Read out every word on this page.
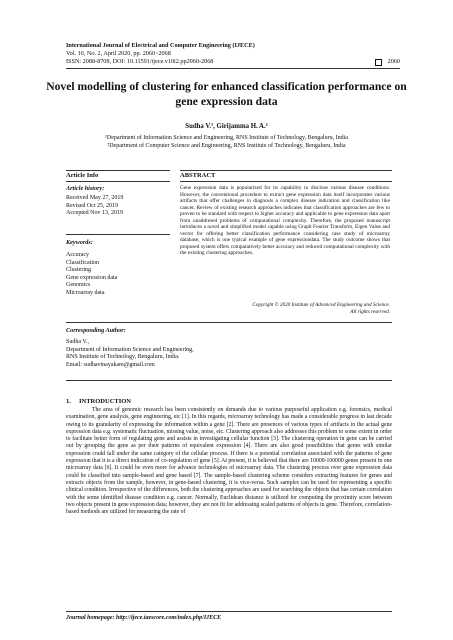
International Journal of Electrical and Computer Engineering (IJECE)
Vol. 10, No. 2, April 2020, pp. 2060~2068
ISSN: 2088-8708, DOI: 10.11591/ijece.v10i2.pp2060-2068	2060
Novel modelling of clustering for enhanced classification performance on gene expression data
Sudha V.¹, Girijamma H. A.²
¹Department of Information Science and Engineering, RNS Institute of Technology, Bengaluru, India
²Department of Computer Science and Engineering, RNS Institute of Technology, Bengaluru, India
Article Info	ABSTRACT
Article history:
Received May 27, 2019
Revised Oct 25, 2019
Accepted Nov 13, 2019
Keywords:
Accuracy
Classification
Clustering
Gene expression data
Genomics
Microarray data
Gene expression data is popularized for its capability to disclose various disease conditions. However, the conventional procedure to extract gene expression data itself incorporates various artifacts that offer challenges in diagnosis a complex disease indication and classification like cancer. Review of existing research approaches indicates that classification approaches are few to proven to be standard with respect to higher accuracy and applicable to gene expression data apart from unaddresed problems of computational complexity. Therefore, the proposed manuscript introduces a novel and simplified model capable using Graph Fourier Transform, Eigen Value and vector for offering better classification performance considering case study of microarray database, which is one typical example of gene expressiondata. The study outcome shows that proposed system offers comparatively better accuracy and reduced computational complexity with the existing clustering approaches.
Copyright © 2020 Institute of Advanced Engineering and Science.
All rights reserved.
Corresponding Author:
Sudha V.,
Department of Information Science and Engineering,
RNS Institute of Technology, Bengaluru, India.
Email: sudhavinayakam@gmail.com
1.     INTRODUCTION
The area of genomic research has been consistently on demands due to various purposeful application e.g. forensics, medical examination, gene analysis, gene engineering, etc [1]. In this regards, microarray technology has made a considerable progress in last decade owing to its granularity of expressing the information within a gene [2]. There are presences of various types of artifacts in the actual gene expression data e.g. systematic fluctuation, missing value, noise, etc. Clustering approach also addresses this problem to some extent in order to facilitate better form of regulating gene and assists in investigating cellular function [3]. The clustering operation in gene can be carried out by grouping the gene as per their patterns of equivalent expression [4]. There are also good possibilities that genes with similar expression could fall under the same category of the cellular process. If there is a potential correlation associated with the patterns of gene expression that it is a direct indication of co-regulation of gene [5]. At present, it is believed that there are 10000-100000 genes present in one microarray data [6]. It could be even more for advance technologies of microarray data. The clustering process over gene expression data could be classified into sample-based and gene based [7]. The sample-based clustering scheme considers extracting features for genes and extracts objects from the sample, however, in gene-based clustering, it is vice-versa. Such samples can be used for representing a specific clinical condition. Irrespective of the differences, both the clustering approaches are used for searching the objects that has certain correlation with the some identified disease condition e.g. cancer. Normally, Euclidean distance is utilized for computing the proximity score between two objects present in gene expression data; however, they are not fit for addressing scaled patterns of objects in gene. Therefore, correlation-based methods are utilized for measuring the rate of
Journal homepage: http://ijece.iaescore.com/index.php/IJECE
